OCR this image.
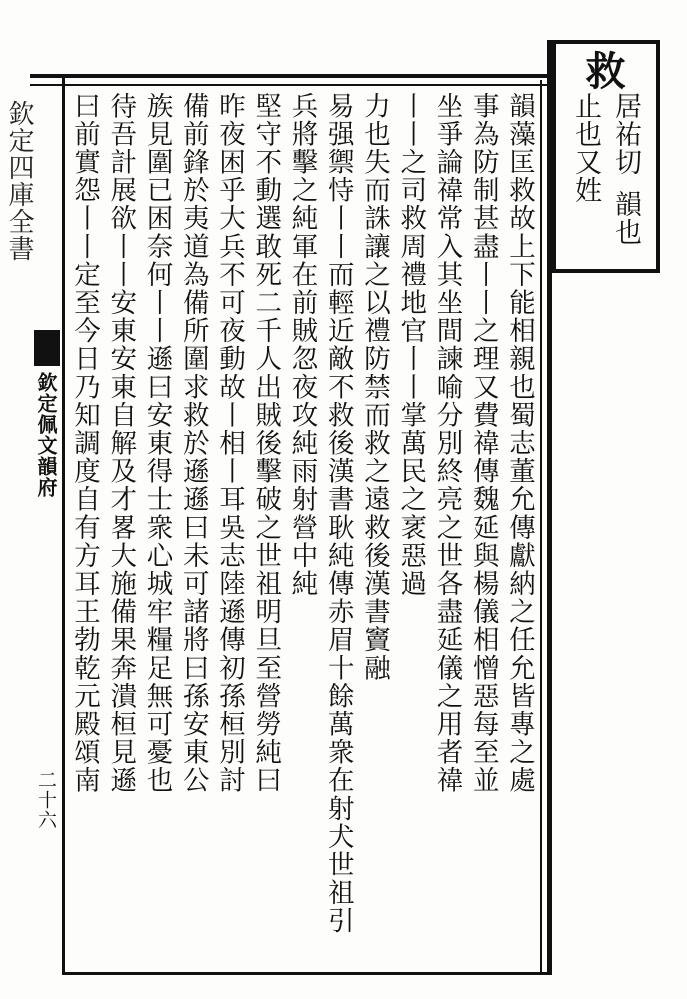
欽定四庫全書
欽定佩文韻府
二十六
救
居祐切
韻也
止也又姓
韻藻匡救故上下能相親也蜀志董允傳獻納之任允皆專之處
事為防制甚盡丨丨之理又費禕傳魏延與楊儀相憎惡每至並
坐爭論禕常入其坐間諫喻分別終亮之世各盡延儀之用者禕
丨丨之司救周禮地官丨丨掌萬民之衺惡過
力也失而誅讓之以禮防禁而救之遠救後漢書竇融
易强禦恃丨丨而輕近敵不救後漢書耿純傳赤眉十餘萬衆在射犬世祖引
兵將擊之純軍在前賊忽夜攻純雨射營中純
堅守不動選敢死二千人出賊後擊破之世祖明旦至營勞純曰
昨夜困乎大兵不可夜動故丨相丨耳吳志陸遜傳初孫桓別討
備前鋒於夷道為備所圍求救於遜遜曰未可諸將曰孫安東公
族見圍已困奈何丨丨遜曰安東得士衆心城牢糧足無可憂也
待吾計展欲丨丨安東安東自解及才畧大施備果奔潰桓見遜
曰前實怨丨丨定至今日乃知調度自有方耳王勃乾元殿頌南
